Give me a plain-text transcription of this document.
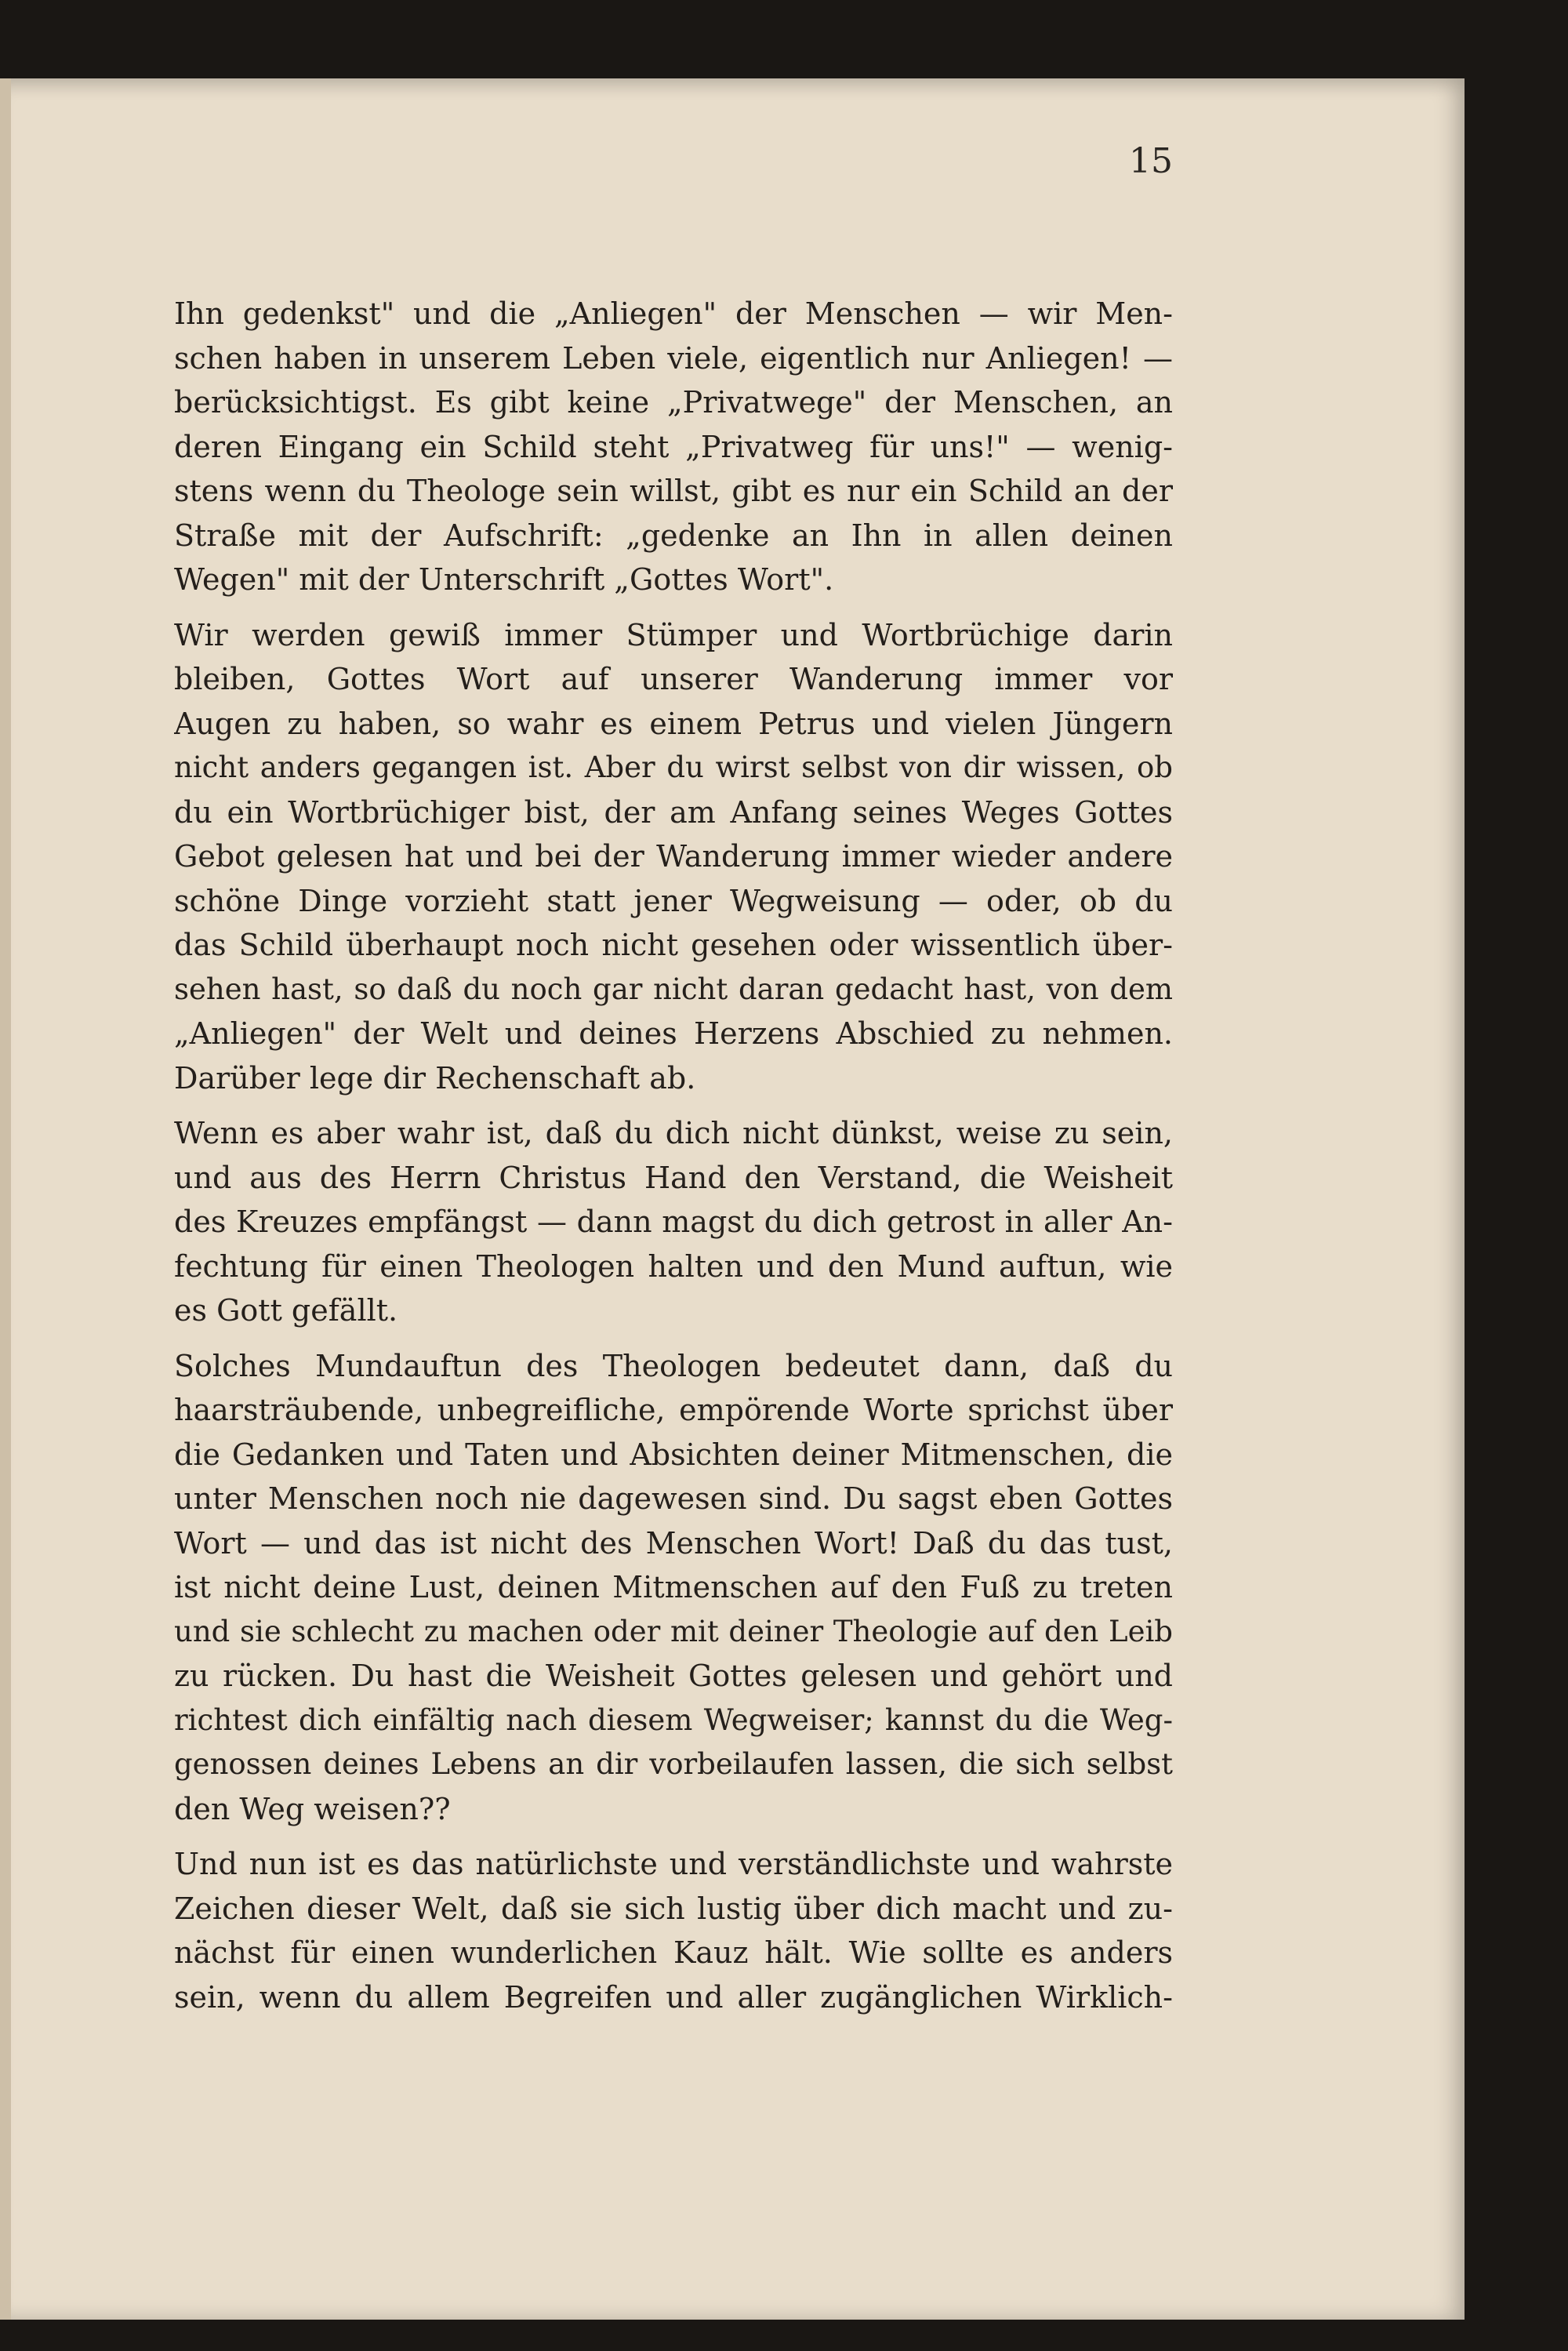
15
Ihn gedenkst" und die „Anliegen" der Menschen — wir Men-
schen haben in unserem Leben viele, eigentlich nur Anliegen! —
berücksichtigst. Es gibt keine „Privatwege" der Menschen, an
deren Eingang ein Schild steht „Privatweg für uns!" — wenig-
stens wenn du Theologe sein willst, gibt es nur ein Schild an der
Straße mit der Aufschrift: „gedenke an Ihn in allen deinen
Wegen" mit der Unterschrift „Gottes Wort".
Wir werden gewiß immer Stümper und Wortbrüchige darin
bleiben, Gottes Wort auf unserer Wanderung immer vor
Augen zu haben, so wahr es einem Petrus und vielen Jüngern
nicht anders gegangen ist. Aber du wirst selbst von dir wissen, ob
du ein Wortbrüchiger bist, der am Anfang seines Weges Gottes
Gebot gelesen hat und bei der Wanderung immer wieder andere
schöne Dinge vorzieht statt jener Wegweisung — oder, ob du
das Schild überhaupt noch nicht gesehen oder wissentlich über-
sehen hast, so daß du noch gar nicht daran gedacht hast, von dem
„Anliegen" der Welt und deines Herzens Abschied zu nehmen.
Darüber lege dir Rechenschaft ab.
Wenn es aber wahr ist, daß du dich nicht dünkst, weise zu sein,
und aus des Herrn Christus Hand den Verstand, die Weisheit
des Kreuzes empfängst — dann magst du dich getrost in aller An-
fechtung für einen Theologen halten und den Mund auftun, wie
es Gott gefällt.
Solches Mundauftun des Theologen bedeutet dann, daß du
haarsträubende, unbegreifliche, empörende Worte sprichst über
die Gedanken und Taten und Absichten deiner Mitmenschen, die
unter Menschen noch nie dagewesen sind. Du sagst eben Gottes
Wort — und das ist nicht des Menschen Wort! Daß du das tust,
ist nicht deine Lust, deinen Mitmenschen auf den Fuß zu treten
und sie schlecht zu machen oder mit deiner Theologie auf den Leib
zu rücken. Du hast die Weisheit Gottes gelesen und gehört und
richtest dich einfältig nach diesem Wegweiser; kannst du die Weg-
genossen deines Lebens an dir vorbeilaufen lassen, die sich selbst
den Weg weisen??
Und nun ist es das natürlichste und verständlichste und wahrste
Zeichen dieser Welt, daß sie sich lustig über dich macht und zu-
nächst für einen wunderlichen Kauz hält. Wie sollte es anders
sein, wenn du allem Begreifen und aller zugänglichen Wirklich-
